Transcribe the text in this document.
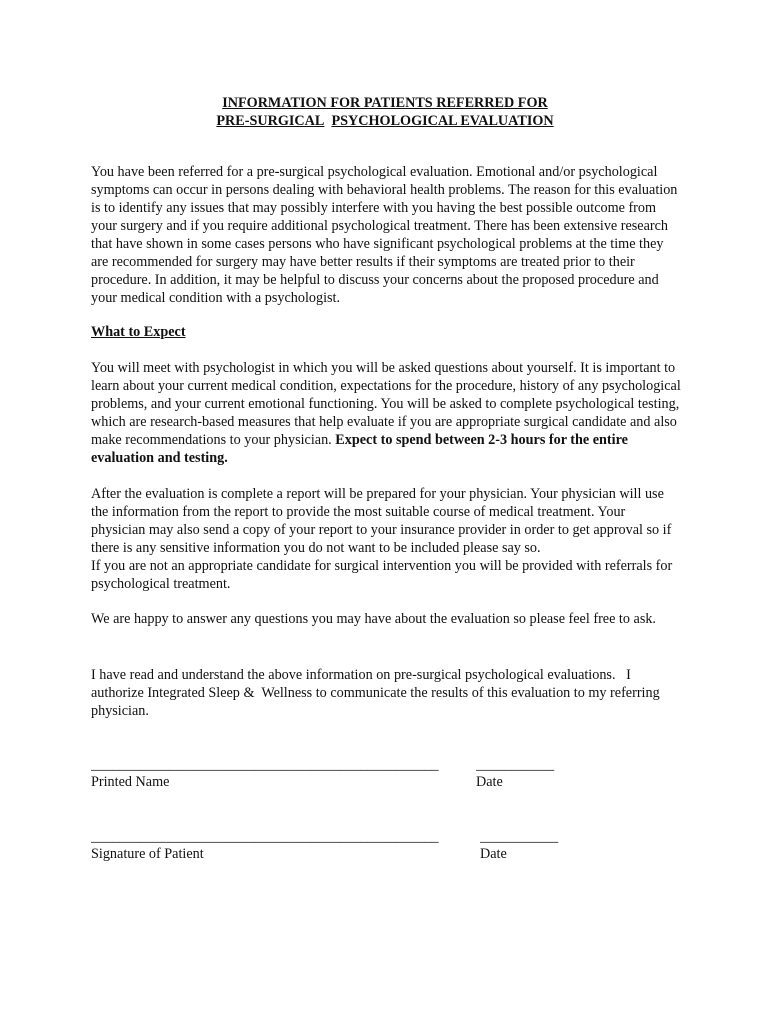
INFORMATION FOR PATIENTS REFERRED FOR
PRE-SURGICAL PSYCHOLOGICAL EVALUATION

You have been referred for a pre-surgical psychological evaluation. Emotional and/or psychological symptoms can occur in persons dealing with behavioral health problems. The reason for this evaluation is to identify any issues that may possibly interfere with you having the best possible outcome from your surgery and if you require additional psychological treatment. There has been extensive research that have shown in some cases persons who have significant psychological problems at the time they are recommended for surgery may have better results if their symptoms are treated prior to their procedure. In addition, it may be helpful to discuss your concerns about the proposed procedure and your medical condition with a psychologist.

What to Expect

You will meet with psychologist in which you will be asked questions about yourself. It is important to learn about your current medical condition, expectations for the procedure, history of any psychological problems, and your current emotional functioning. You will be asked to complete psychological testing, which are research-based measures that help evaluate if you are appropriate surgical candidate and also make recommendations to your physician. Expect to spend between 2-3 hours for the entire evaluation and testing.

After the evaluation is complete a report will be prepared for your physician. Your physician will use the information from the report to provide the most suitable course of medical treatment. Your physician may also send a copy of your report to your insurance provider in order to get approval so if there is any sensitive information you do not want to be included please say so.

If you are not an appropriate candidate for surgical intervention you will be provided with referrals for psychological treatment.

We are happy to answer any questions you may have about the evaluation so please feel free to ask.

I have read and understand the above information on pre-surgical psychological evaluations.   I authorize Integrated Sleep &  Wellness to communicate the results of this evaluation to my referring physician.

_________________________________________________	___________
Printed Name	Date
_________________________________________________	___________
Signature of Patient	Date
